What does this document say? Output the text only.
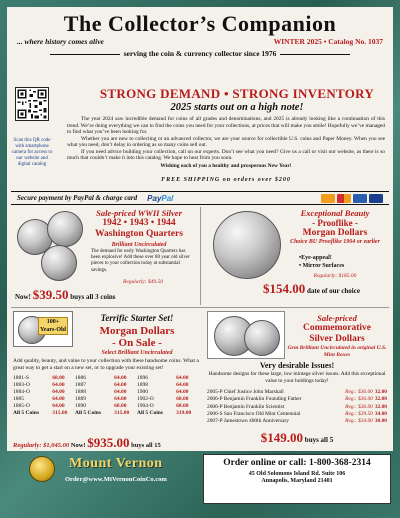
The Collector’s Companion
... where history comes alive	WINTER 2025 • Catalog No. 1037
serving the coin & currency collector since 1976
Scan this QR code with smartphone camera for access to our website and digital catalog
STRONG DEMAND • STRONG INVENTORY
2025 starts out on a high note!

The year 2024 saw incredible demand for coins of all grades and denominations, and 2025 is already looking like a continuation of this trend. We’re doing everything we can to find the coins you need for your collections, at prices that will make you smile! Hopefully we’ve managed to find what you’ve been looking for.

Whether you are new to collecting or an advanced collector, we are your source for collectible U.S. coins and Paper Money. When you see what you need, don’t delay in ordering as so many coins sell out.

If you need advice building your collection, call on our experts. Don’t see what you need? Give us a call or visit our website, as there is so much that couldn’t make it into this catalog. We hope to hear from you soon.

Wishing each of you a healthy and prosperous New Year!

FREE SHIPPING on orders over $200
Secure payment by PayPal & charge card PayPal
Sale-priced WWII Silver
1942 • 1943 • 1944
Washington Quarters
Brilliant Uncirculated
The demand for early Washington Quarters has been explosive! Add these over 80 year old silver pieces to your collection today at substantial savings.
Regularly: $49.50
Now! $39.50 buys all 3 coins
Exceptional Beauty
- Prooflike -
Morgan Dollars
Choice BU Prooflike 1904 or earlier
•Eye-appeal!
• Mirror Surfaces
Regularly: $185.00
$154.00 date of our choice
100+ Years-Old
Terrific Starter Set!
Morgan Dollars
- On Sale -
Select Brilliant Uncirculated
Add quality, beauty, and value to your collection with these handsome coins. What a great way to get a start on a new set, or to upgrade your existing set!
1881-S	68.00	1886	64.00	1896	64.00
1883-O	64.00	1887	64.00	1898	64.00
1884-O	64.00	1888	64.00	1900	64.00
1885	64.00	1889	64.00	1902-O	68.00
1885-O	64.00	1890	68.00	1904-O	68.00
All 5 Coins	315.00	All 5 Coins	315.00	All 5 Coins	319.00
Regularly: $1,045.00 Now! $935.00 buys all 15
Sale-priced
Commemorative
Silver Dollars
Gem Brilliant Uncirculated in original U.S. Mint Boxes
Very desirable Issues!
Handsome designs for these large, low mintage silver issues. Add this exceptional value to your holdings today!
2005-P Chief Justice John Marshall	Reg.: $36.00 32.00
2006-P Benjamin Franklin Founding Father	Reg.: $36.00 32.00
2006-P Benjamin Franklin Scientist	Reg.: $36.00 32.00
2006-S San Francisco Old Mint Centennial	Reg.: $39.50 34.00
2007-P Jamestown 400th Anniversary	Reg.: $34.00 30.00
$149.00 buys all 5
Mount Vernon
Order@www.MtVernonCoinCo.com
Order online or call: 1-800-368-2314
45 Old Solomons Island Rd. Suite 106
Annapolis, Maryland 21401
